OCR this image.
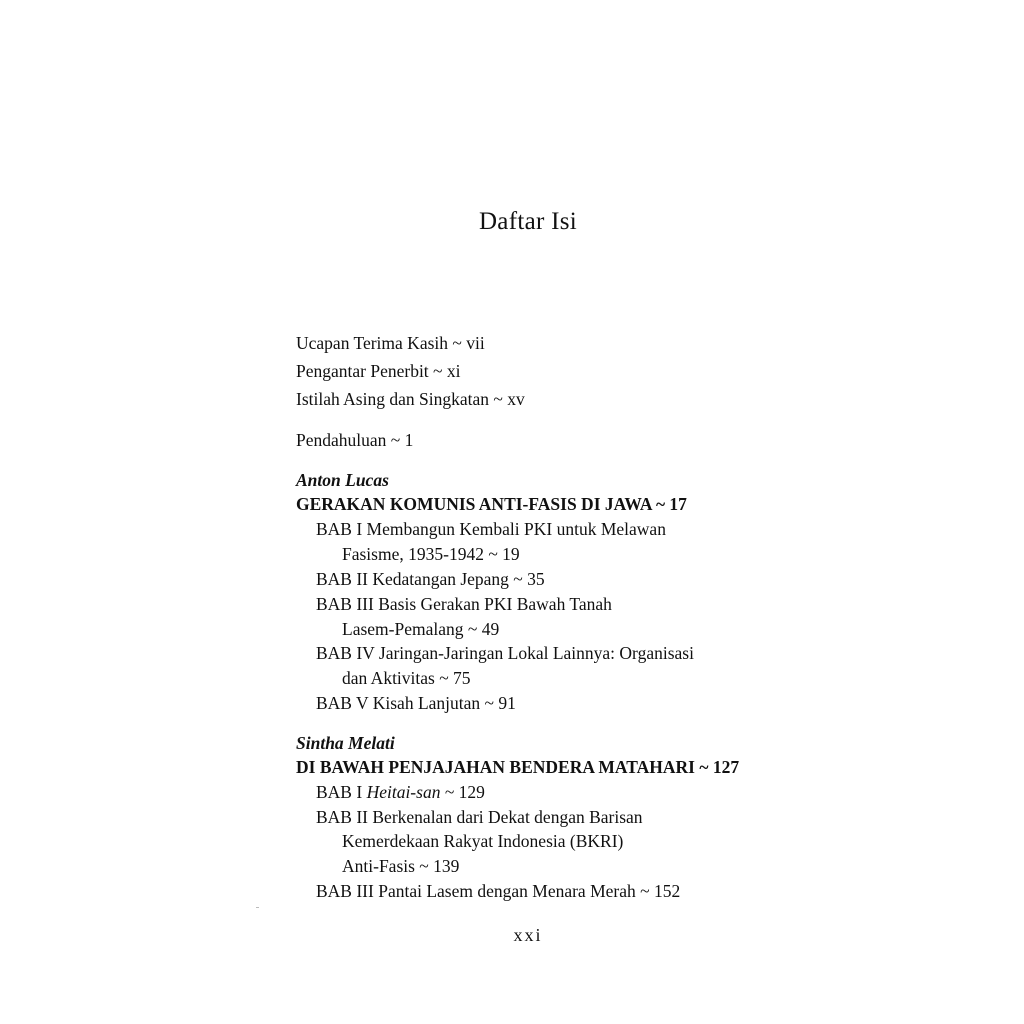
Daftar Isi
Ucapan Terima Kasih ~ vii
Pengantar Penerbit ~ xi
Istilah Asing dan Singkatan ~ xv
Pendahuluan ~ 1
Anton Lucas
GERAKAN KOMUNIS ANTI-FASIS DI JAWA ~ 17
BAB I Membangun Kembali PKI untuk Melawan
Fasisme, 1935-1942 ~ 19
BAB II Kedatangan Jepang ~ 35
BAB III Basis Gerakan PKI Bawah Tanah
Lasem-Pemalang ~ 49
BAB IV Jaringan-Jaringan Lokal Lainnya: Organisasi
dan Aktivitas ~ 75
BAB V Kisah Lanjutan ~ 91
Sintha Melati
DI BAWAH PENJAJAHAN BENDERA MATAHARI ~ 127
BAB I Heitai-san ~ 129
BAB II Berkenalan dari Dekat dengan Barisan
Kemerdekaan Rakyat Indonesia (BKRI)
Anti-Fasis ~ 139
BAB III Pantai Lasem dengan Menara Merah ~ 152
xxi
